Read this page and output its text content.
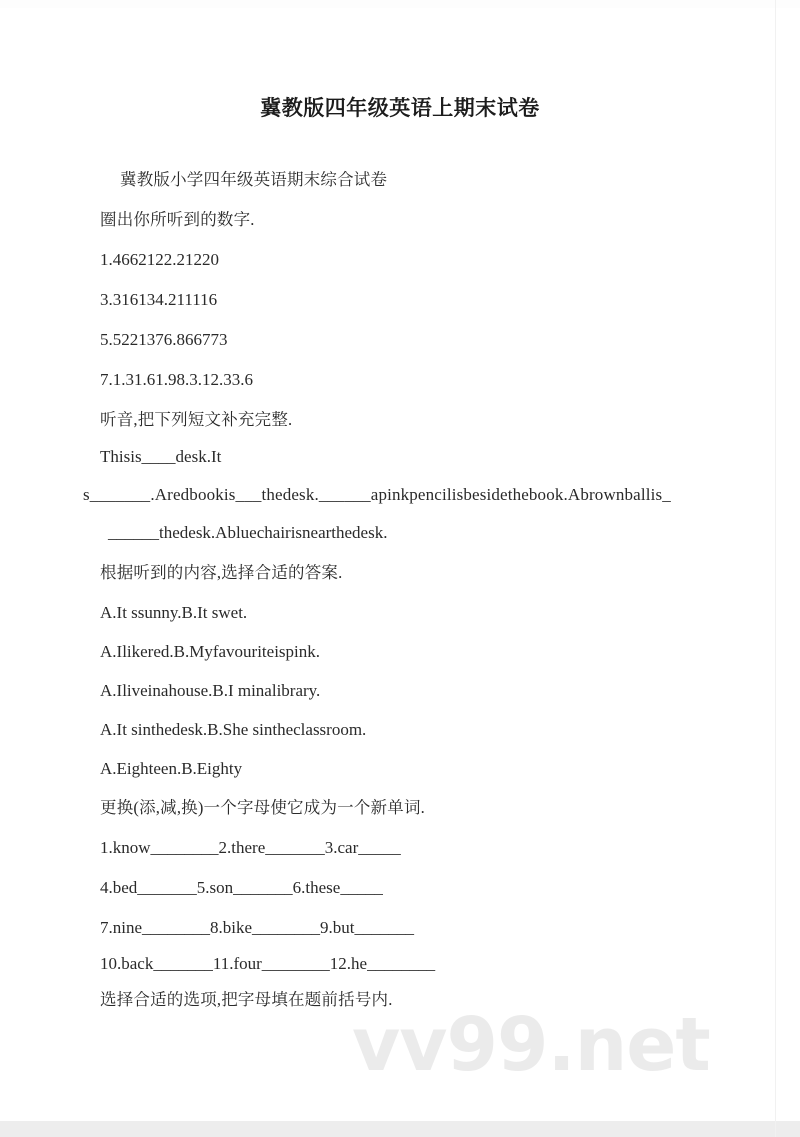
vv99.net
冀教版四年级英语上期末试卷
冀教版小学四年级英语期末综合试卷
圈出你所听到的数字.
1.4662122.21220
3.316134.211116
5.5221376.866773
7.1.31.61.98.3.12.33.6
听音,把下列短文补充完整.
Thisis____desk.It
s_______.Aredbookis___thedesk.______apinkpencilisbesidethebook.Abrownballis_
______thedesk.Abluechairisnearthedesk.
根据听到的内容,选择合适的答案.
A.It ssunny.B.It swet.
A.Ilikered.B.Myfavouriteispink.
A.Iliveinahouse.B.I minalibrary.
A.It sinthedesk.B.She sintheclassroom.
A.Eighteen.B.Eighty
更换(添,减,换)一个字母使它成为一个新单词.
1.know________2.there_______3.car_____
4.bed_______5.son_______6.these_____
7.nine________8.bike________9.but_______
10.back_______11.four________12.he________
选择合适的选项,把字母填在题前括号内.
